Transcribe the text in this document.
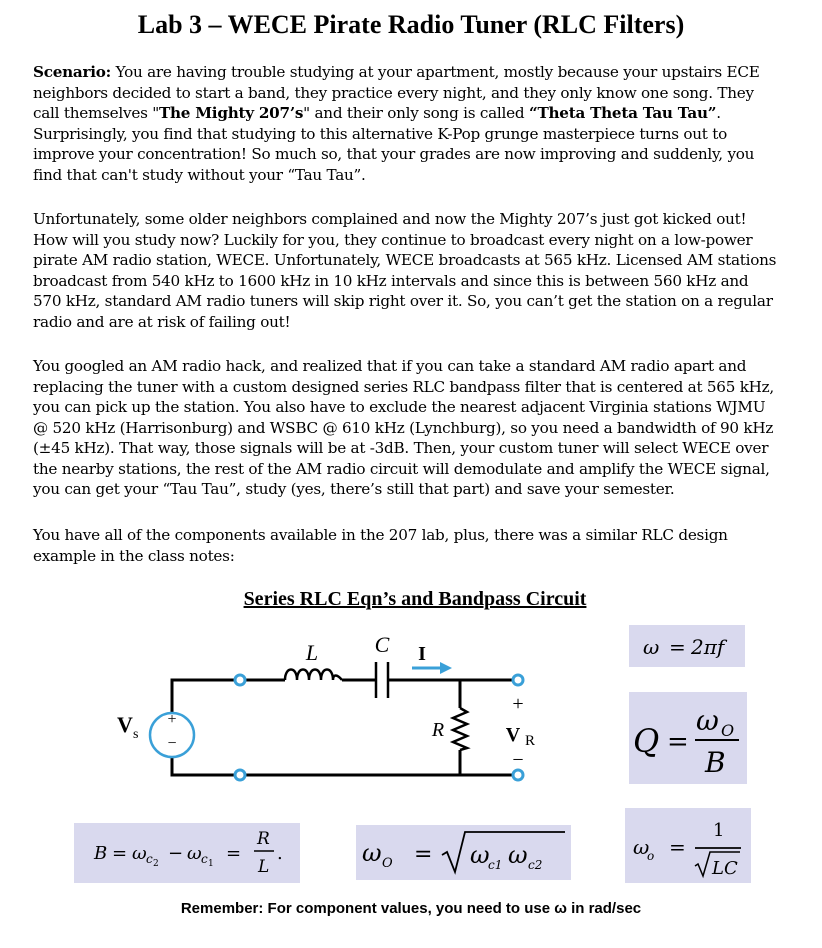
Lab 3 – WECE Pirate Radio Tuner (RLC Filters)
Scenario: You are having trouble studying at your apartment, mostly because your upstairs ECE
neighbors decided to start a band, they practice every night, and they only know one song. They
call themselves "The Mighty 207’s" and their only song is called “Theta Theta Tau Tau”.
Surprisingly, you find that studying to this alternative K-Pop grunge masterpiece turns out to
improve your concentration! So much so, that your grades are now improving and suddenly, you
find that can't study without your “Tau Tau”.
Unfortunately, some older neighbors complained and now the Mighty 207’s just got kicked out!
How will you study now? Luckily for you, they continue to broadcast every night on a low-power
pirate AM radio station, WECE. Unfortunately, WECE broadcasts at 565 kHz. Licensed AM stations
broadcast from 540 kHz to 1600 kHz in 10 kHz intervals and since this is between 560 kHz and
570 kHz, standard AM radio tuners will skip right over it. So, you can’t get the station on a regular
radio and are at risk of failing out!
You googled an AM radio hack, and realized that if you can take a standard AM radio apart and
replacing the tuner with a custom designed series RLC bandpass filter that is centered at 565 kHz,
you can pick up the station. You also have to exclude the nearest adjacent Virginia stations WJMU
@ 520 kHz (Harrisonburg) and WSBC @ 610 kHz (Lynchburg), so you need a bandwidth of 90 kHz
(±45 kHz). That way, those signals will be at -3dB. Then, your custom tuner will select WECE over
the nearby stations, the rest of the AM radio circuit will demodulate and amplify the WECE signal,
you can get your “Tau Tau”, study (yes, there’s still that part) and save your semester.
You have all of the components available in the 207 lab, plus, there was a similar RLC design
example in the class notes:
Series RLC Eqn’s and Bandpass Circuit
+
−
L	C I
R
V s
+
V R
−
ω = 2πf
Q =
ω O
B
B = ω c 2 − ω c 1 =
R
L
.	ω O = ω
c1 ω c2
ω
o =
1
LC
Remember: For component values, you need to use ω in rad/sec
